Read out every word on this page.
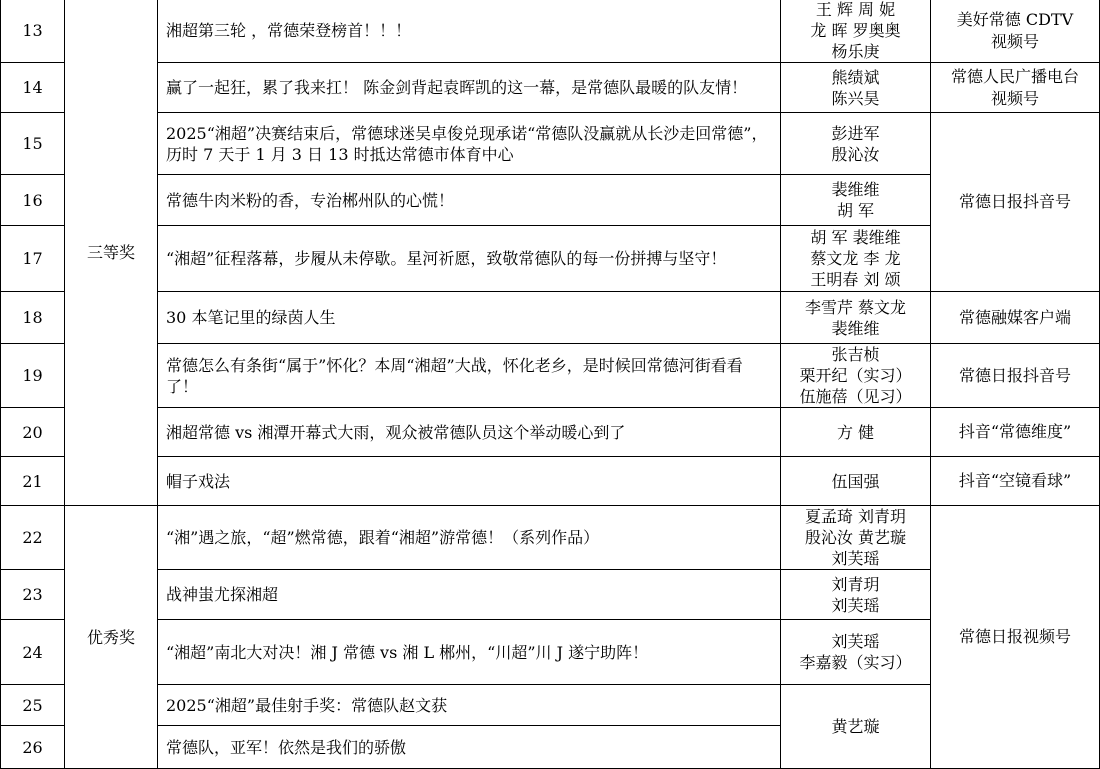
13	三等奖	湘超第三轮 ，常德荣登榜首！！！	王 辉 周 妮
龙 晖 罗奥奥
杨乐庚	美好常德 CDTV
视频号
14		赢了一起狂，累了我来扛！ 陈金剑背起袁晖凯的这一幕，是常德队最暖的队友情！	熊绩斌
陈兴昊	常德人民广播电台
视频号
15		2025“湘超”决赛结束后，常德球迷吴卓俊兑现承诺“常德队没赢就从长沙走回常德”，历时 7 天于 1 月 3 日 13 时抵达常德市体育中心	彭进军
殷沁汝	常德日报抖音号
16		常德牛肉米粉的香，专治郴州队的心慌！	裴维维
胡 军	
17		“湘超”征程落幕，步履从未停歇。星河祈愿，致敬常德队的每一份拼搏与坚守！	胡 军 裴维维
蔡文龙 李 龙
王明春 刘 颂	
18		30 本笔记里的绿茵人生	李雪芹 蔡文龙
裴维维	常德融媒客户端
19		常德怎么有条街“属于”怀化？本周“湘超”大战，怀化老乡，是时候回常德河街看看了！	张吉桢
栗开纪（实习）
伍施蓓（见习）	常德日报抖音号
20		湘超常德 vs 湘潭开幕式大雨，观众被常德队员这个举动暖心到了	方 健	抖音“常德维度”
21		帽子戏法	伍国强	抖音“空镜看球”
22	优秀奖	“湘”遇之旅，“超”燃常德，跟着“湘超”游常德！（系列作品）	夏孟琦 刘青玥
殷沁汝 黄艺璇
刘芙瑶	常德日报视频号
23		战神蚩尤探湘超	刘青玥
刘芙瑶	
24		“湘超”南北大对决！湘 J 常德 vs 湘 L 郴州，“川超”川 J 遂宁助阵！	刘芙瑶
李嘉毅（实习）	
25		2025“湘超”最佳射手奖：常德队赵文获	黄艺璇	
26		常德队，亚军！依然是我们的骄傲		
